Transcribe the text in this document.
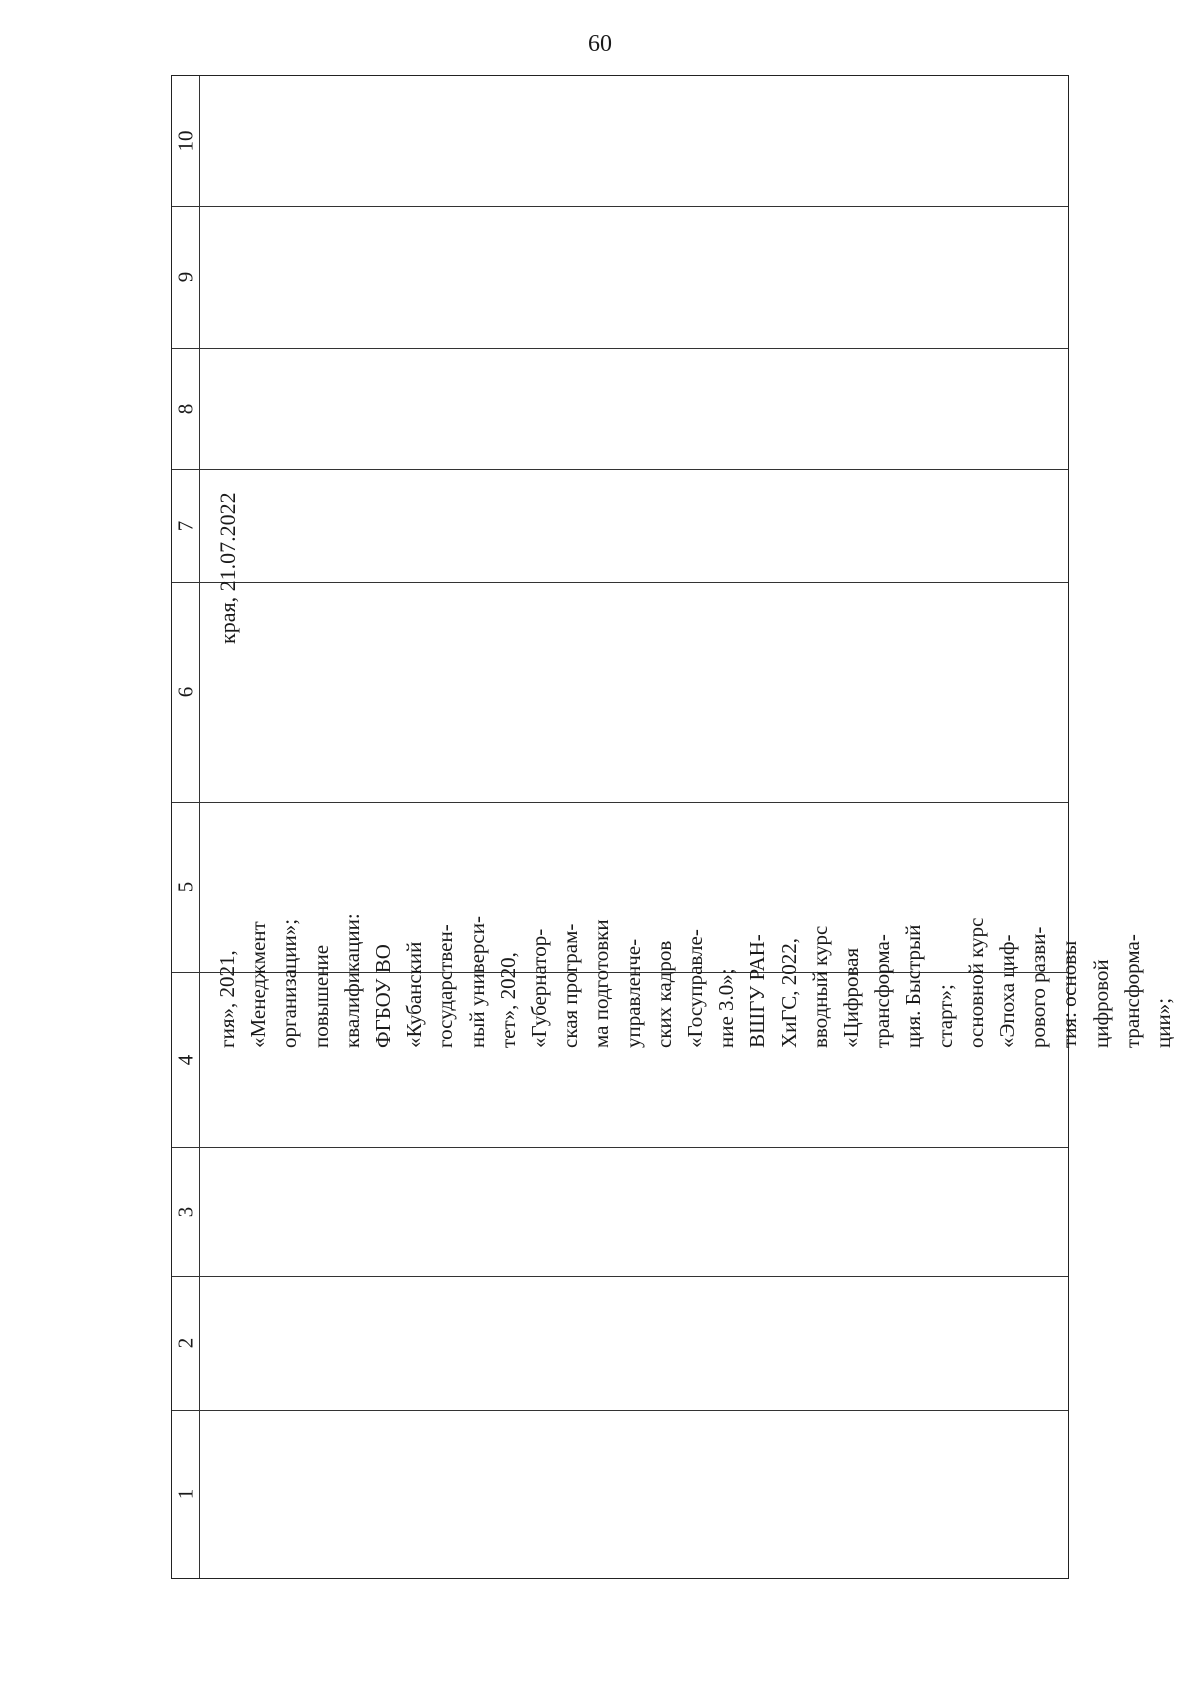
60
10
9
8
7
6
5
4
3
2
1
края, 21.07.2022
гия», 2021, «Менеджмент организации»; повышение квалификации: ФГБОУ ВО «Кубанский государствен- ный универси- тет», 2020, «Губернатор- ская програм- ма подготовки управленче- ских кадров «Госуправле- ние 3.0»; ВШГУ РАН- ХиГС, 2022, вводный курс «Цифровая трансформа- ция. Быстрый старт»; основной курс «Эпоха циф- рового разви- тия: основы цифровой трансформа- ции»;
